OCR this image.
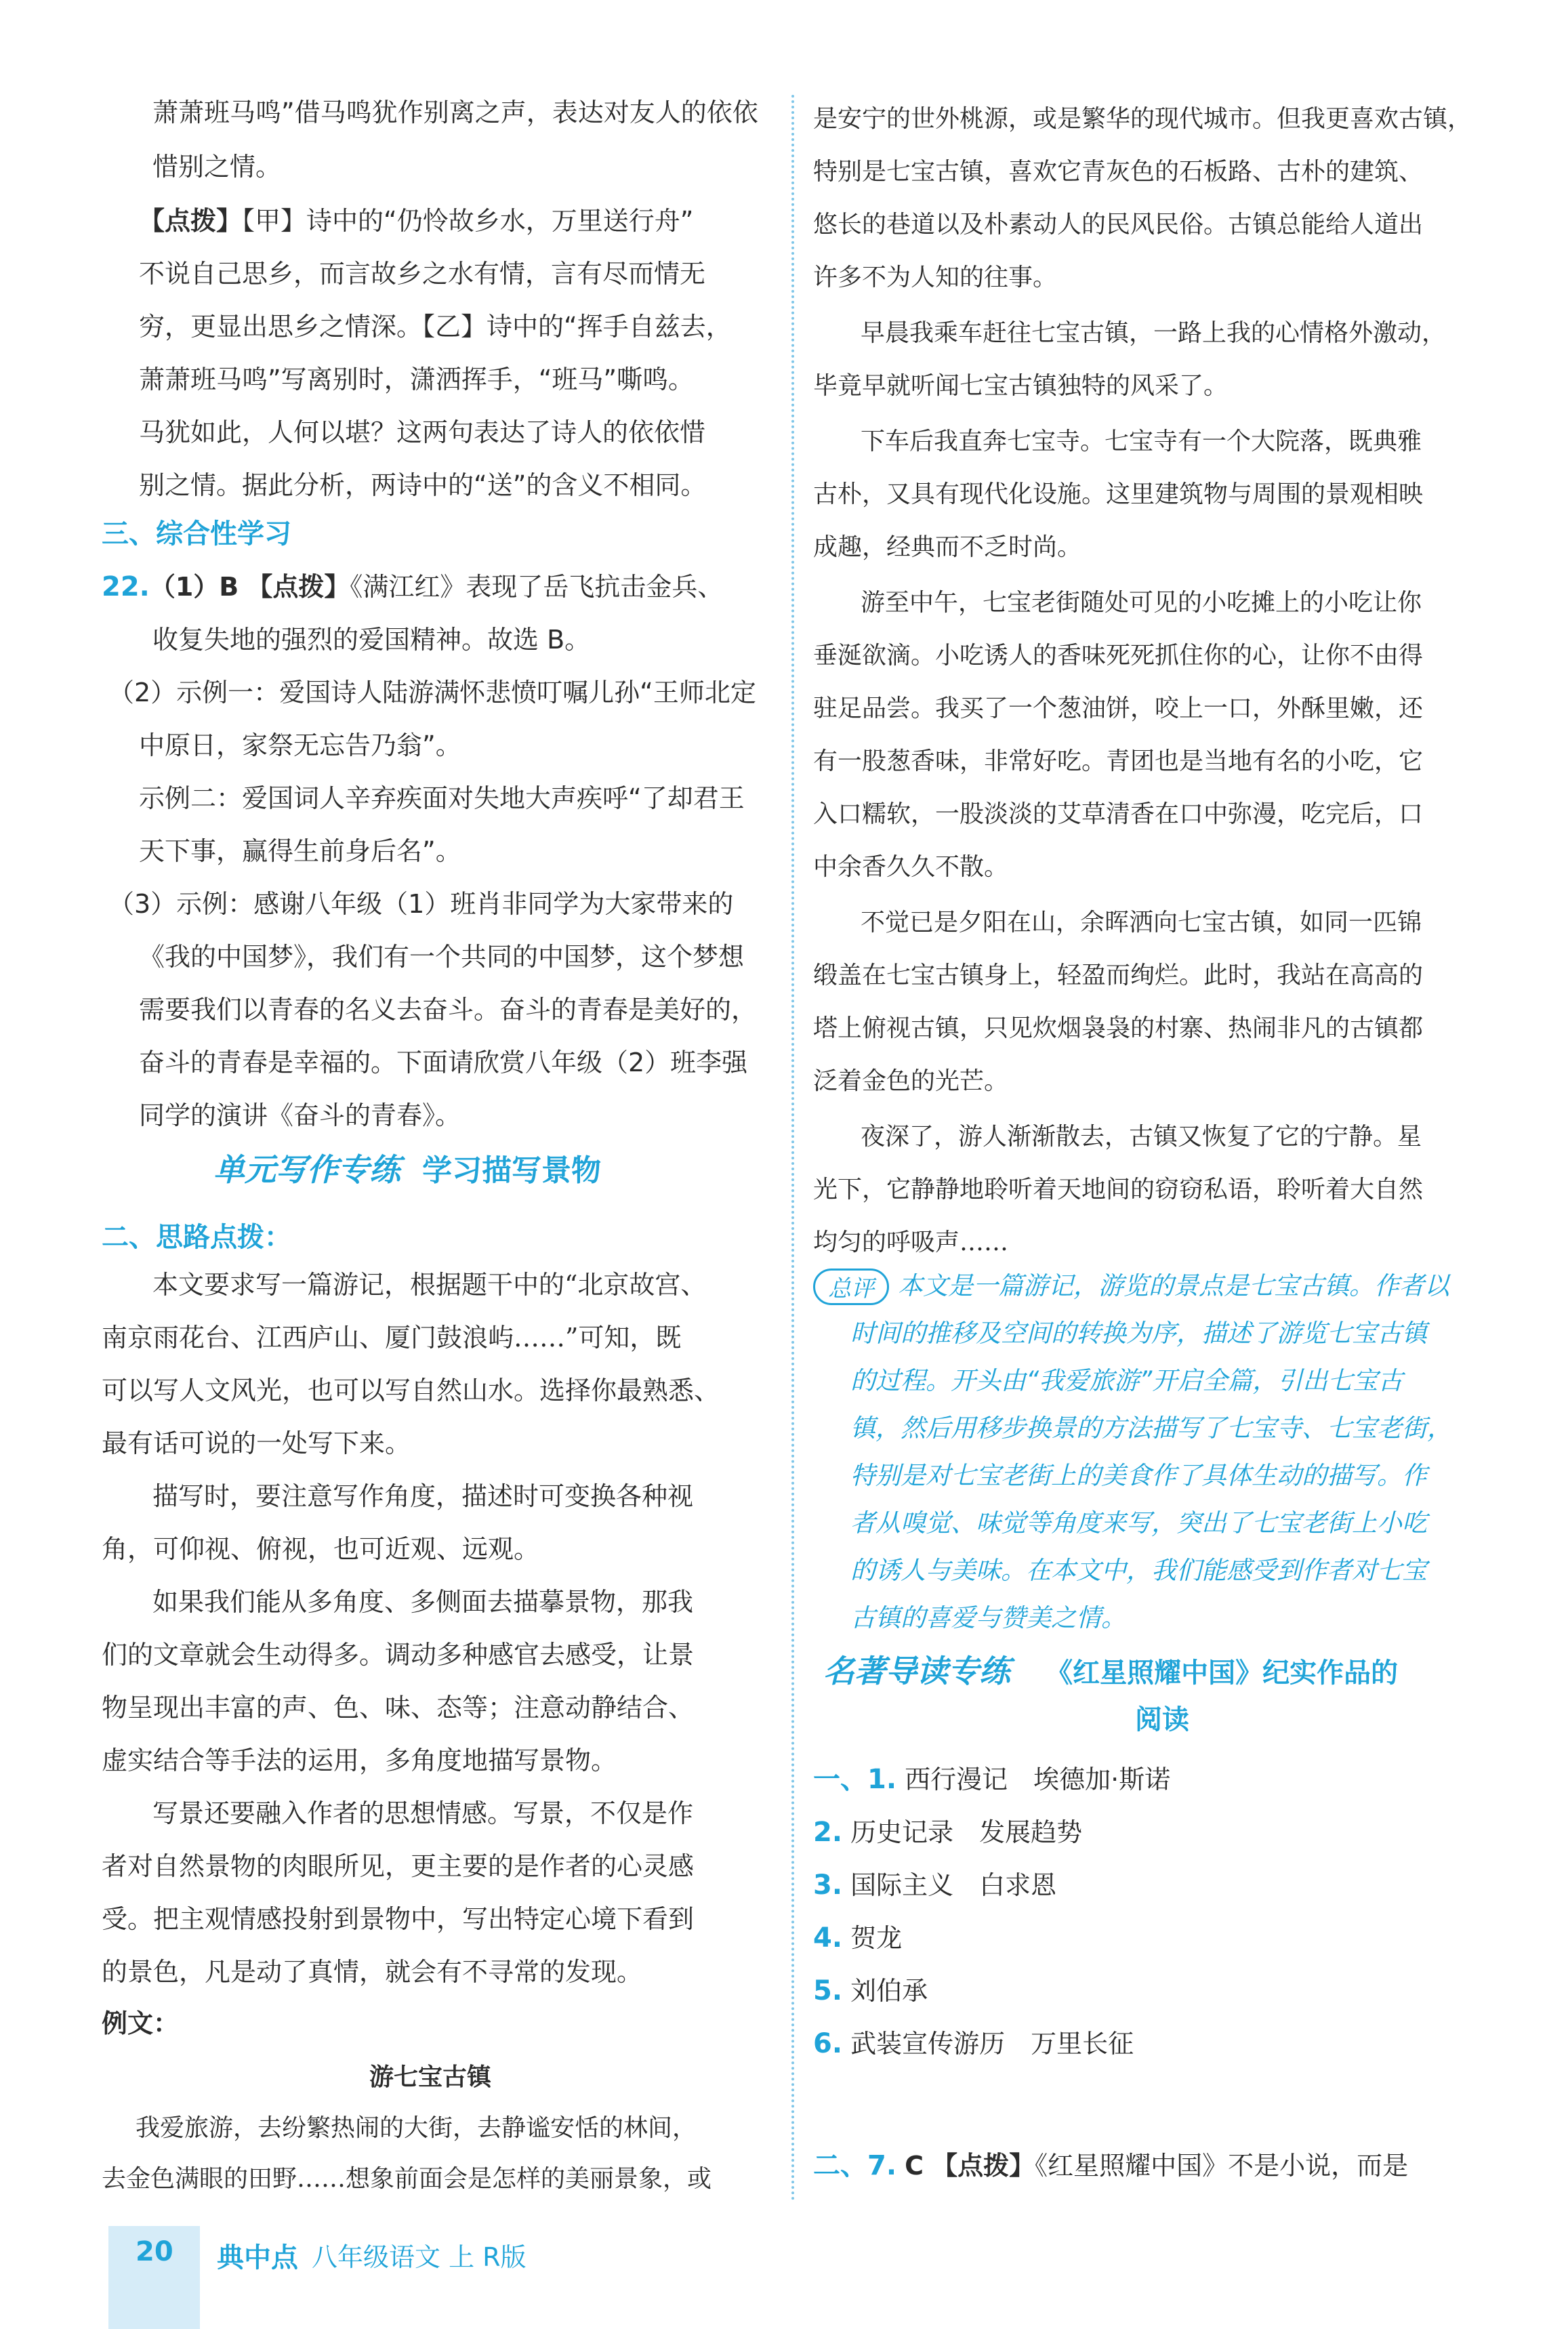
萧萧班马鸣”借马鸣犹作别离之声，表达对友人的依依
惜别之情。
【点拨】【甲】诗中的“仍怜故乡水，万里送行舟”
不说自己思乡，而言故乡之水有情，言有尽而情无
穷，更显出思乡之情深。【乙】诗中的“挥手自兹去，
萧萧班马鸣”写离别时，潇洒挥手，“班马”嘶鸣。
马犹如此，人何以堪？这两句表达了诗人的依依惜
别之情。据此分析，两诗中的“送”的含义不相同。
三、综合性学习
22.（1）B 【点拨】《满江红》表现了岳飞抗击金兵、
收复失地的强烈的爱国精神。故选 B。
（2）示例一：爱国诗人陆游满怀悲愤叮嘱儿孙“王师北定
中原日，家祭无忘告乃翁”。
示例二：爱国词人辛弃疾面对失地大声疾呼“了却君王
天下事，赢得生前身后名”。
（3）示例：感谢八年级（1）班肖非同学为大家带来的
《我的中国梦》，我们有一个共同的中国梦，这个梦想
需要我们以青春的名义去奋斗。奋斗的青春是美好的，
奋斗的青春是幸福的。下面请欣赏八年级（2）班李强
同学的演讲《奋斗的青春》。
单元写作专练 学习描写景物
二、思路点拨：
本文要求写一篇游记，根据题干中的“北京故宫、
南京雨花台、江西庐山、厦门鼓浪屿……”可知，既
可以写人文风光，也可以写自然山水。选择你最熟悉、
最有话可说的一处写下来。
描写时，要注意写作角度，描述时可变换各种视
角，可仰视、俯视，也可近观、远观。
如果我们能从多角度、多侧面去描摹景物，那我
们的文章就会生动得多。调动多种感官去感受，让景
物呈现出丰富的声、色、味、态等；注意动静结合、
虚实结合等手法的运用，多角度地描写景物。
写景还要融入作者的思想情感。写景，不仅是作
者对自然景物的肉眼所见，更主要的是作者的心灵感
受。把主观情感投射到景物中，写出特定心境下看到
的景色，凡是动了真情，就会有不寻常的发现。
例文：
游七宝古镇
我爱旅游，去纷繁热闹的大街，去静谧安恬的林间，
去金色满眼的田野……想象前面会是怎样的美丽景象，或
是安宁的世外桃源，或是繁华的现代城市。但我更喜欢古镇，
特别是七宝古镇，喜欢它青灰色的石板路、古朴的建筑、
悠长的巷道以及朴素动人的民风民俗。古镇总能给人道出
许多不为人知的往事。
早晨我乘车赶往七宝古镇，一路上我的心情格外激动，
毕竟早就听闻七宝古镇独特的风采了。
下车后我直奔七宝寺。七宝寺有一个大院落，既典雅
古朴，又具有现代化设施。这里建筑物与周围的景观相映
成趣，经典而不乏时尚。
游至中午，七宝老街随处可见的小吃摊上的小吃让你
垂涎欲滴。小吃诱人的香味死死抓住你的心，让你不由得
驻足品尝。我买了一个葱油饼，咬上一口，外酥里嫩，还
有一股葱香味，非常好吃。青团也是当地有名的小吃，它
入口糯软，一股淡淡的艾草清香在口中弥漫，吃完后，口
中余香久久不散。
不觉已是夕阳在山，余晖洒向七宝古镇，如同一匹锦
缎盖在七宝古镇身上，轻盈而绚烂。此时，我站在高高的
塔上俯视古镇，只见炊烟袅袅的村寨、热闹非凡的古镇都
泛着金色的光芒。
夜深了，游人渐渐散去，古镇又恢复了它的宁静。星
光下，它静静地聆听着天地间的窃窃私语，聆听着大自然
均匀的呼吸声……
总评 本文是一篇游记，游览的景点是七宝古镇。作者以
时间的推移及空间的转换为序，描述了游览七宝古镇
的过程。开头由“我爱旅游”开启全篇，引出七宝古
镇，然后用移步换景的方法描写了七宝寺、七宝老街，
特别是对七宝老街上的美食作了具体生动的描写。作
者从嗅觉、味觉等角度来写，突出了七宝老街上小吃
的诱人与美味。在本文中，我们能感受到作者对七宝
古镇的喜爱与赞美之情。
名著导读专练 《红星照耀中国》纪实作品的
阅读
一、1. 西行漫记　埃德加·斯诺
2. 历史记录　发展趋势
3. 国际主义　白求恩
4. 贺龙
5. 刘伯承
6. 武装宣传游历　万里长征
二、7. C 【点拨】《红星照耀中国》不是小说，而是
20 典中点 八年级语文 上 R版
